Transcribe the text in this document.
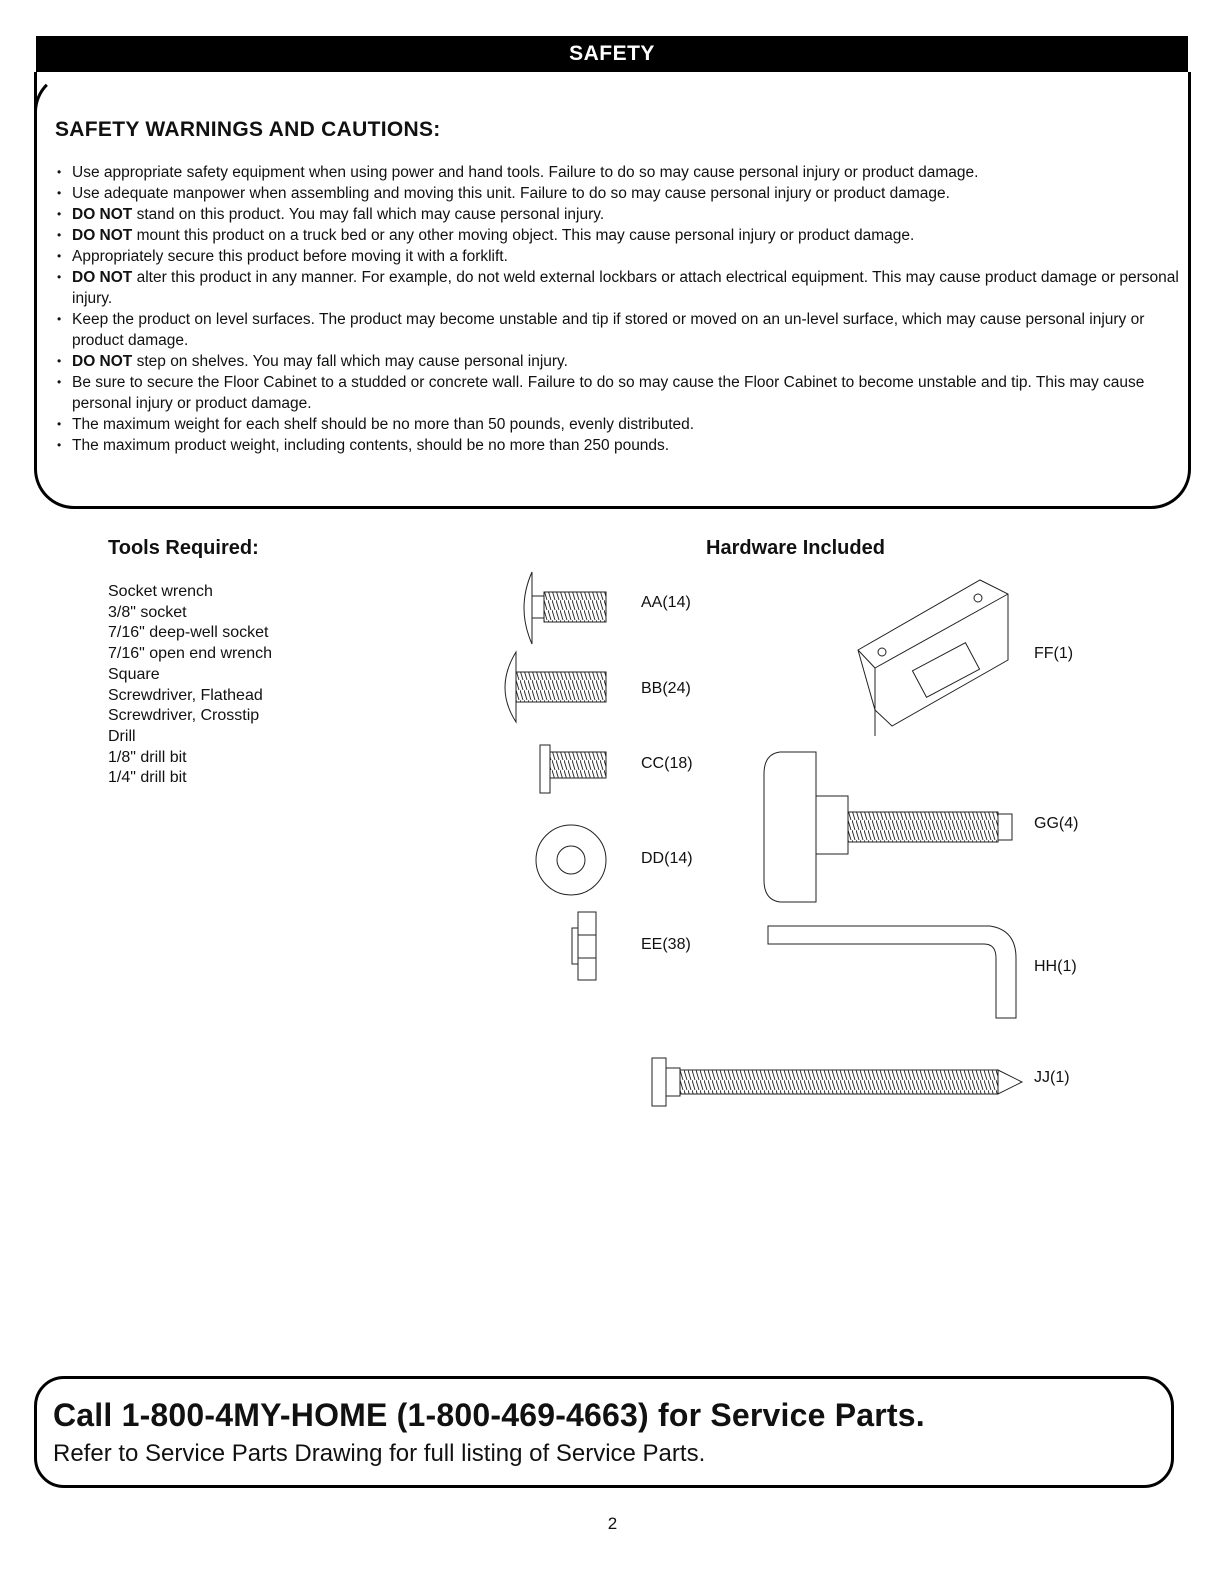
SAFETY
SAFETY WARNINGS AND CAUTIONS:
• Use appropriate safety equipment when using power and hand tools. Failure to do so may cause personal injury or product damage.
• Use adequate manpower when assembling and moving this unit. Failure to do so may cause personal injury or product damage.
• DO NOT stand on this product. You may fall which may cause personal injury.
• DO NOT mount this product on a truck bed or any other moving object. This may cause personal injury or product damage.
• Appropriately secure this product before moving it with a forklift.
• DO NOT alter this product in any manner. For example, do not weld external lockbars or attach electrical equipment. This may cause product damage or personal injury.
• Keep the product on level surfaces. The product may become unstable and tip if stored or moved on an un-level surface, which may cause personal injury or product damage.
• DO NOT step on shelves. You may fall which may cause personal injury.
• Be sure to secure the Floor Cabinet to a studded or concrete wall. Failure to do so may cause the Floor Cabinet to become unstable and tip. This may cause personal injury or product damage.
• The maximum weight for each shelf should be no more than 50 pounds, evenly distributed.
• The maximum product weight, including contents, should be no more than 250 pounds.
Tools Required:
Socket wrench
3/8" socket
7/16" deep-well socket
7/16" open end wrench
Square
Screwdriver, Flathead
Screwdriver, Crosstip
Drill
1/8" drill bit
1/4" drill bit
Hardware Included
AA(14)
BB(24)
CC(18)
DD(14)
EE(38)
FF(1)
GG(4)
HH(1)
JJ(1)
Call 1-800-4MY-HOME (1-800-469-4663) for Service Parts.
Refer to Service Parts Drawing for full listing of Service Parts.
2
